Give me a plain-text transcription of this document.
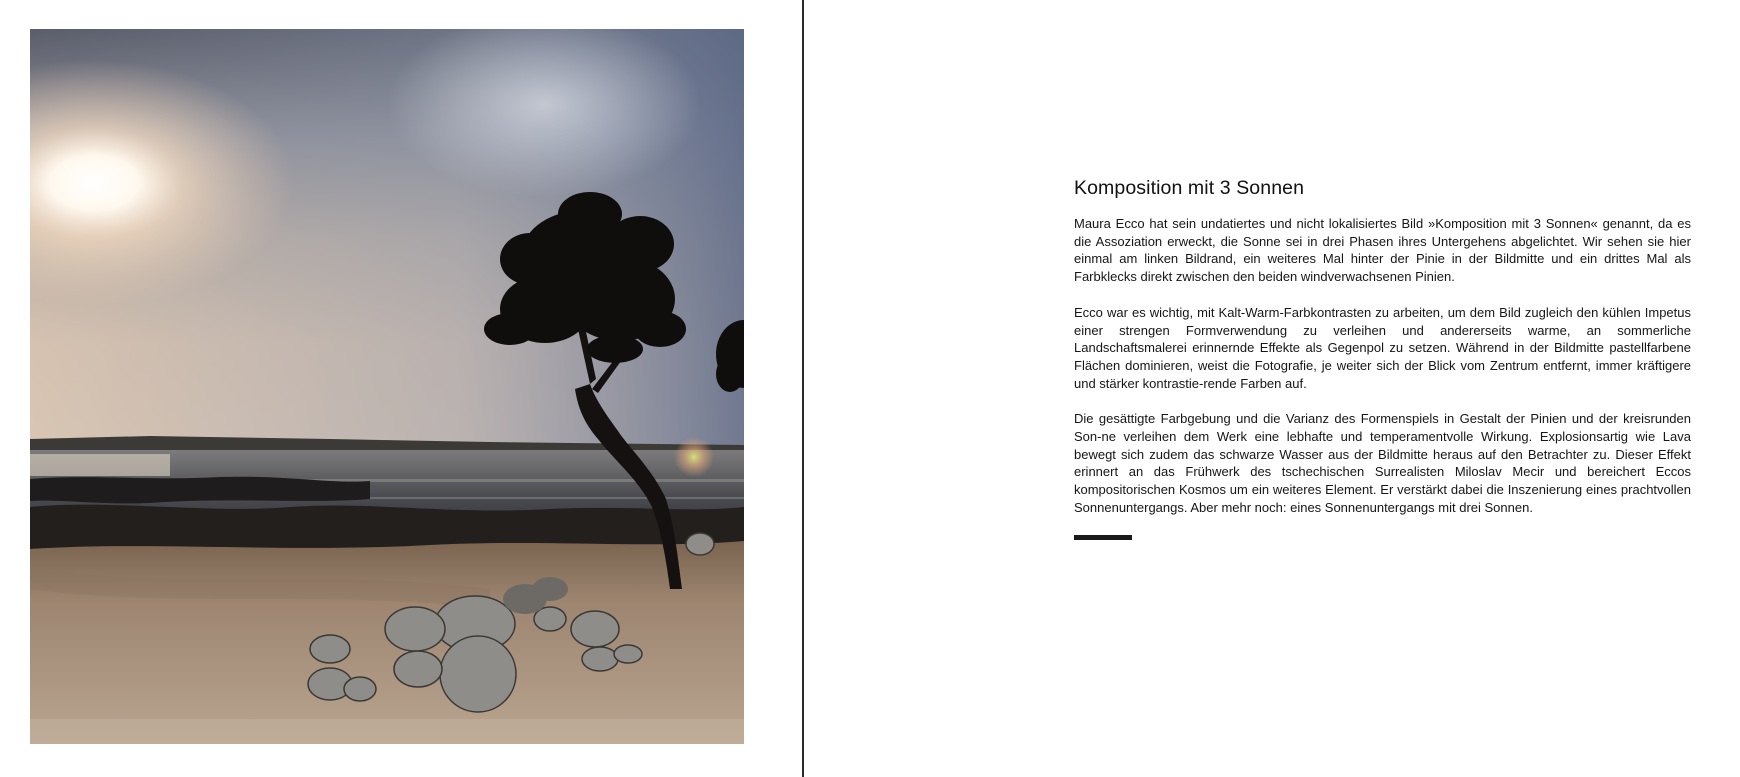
Komposition mit 3 Sonnen

Maura Ecco hat sein undatiertes und nicht lokalisiertes Bild »Komposition mit 3 Sonnen« genannt, da es die Assoziation erweckt, die Sonne sei in drei Phasen ihres Untergehens abgelichtet. Wir sehen sie hier einmal am linken Bildrand, ein weiteres Mal hinter der Pinie in der Bildmitte und ein drittes Mal als Farbklecks direkt zwischen den beiden windverwachsenen Pinien.

Ecco war es wichtig, mit Kalt-Warm-Farbkontrasten zu arbeiten, um dem Bild zugleich den kühlen Impetus einer strengen Formverwendung zu verleihen und andererseits warme, an sommerliche Landschaftsmalerei erinnernde Effekte als Gegenpol zu setzen. Während in der Bildmitte pastellfarbene Flächen dominieren, weist die Fotografie, je weiter sich der Blick vom Zentrum entfernt, immer kräftigere und stärker kontrastie-rende Farben auf.

Die gesättigte Farbgebung und die Varianz des Formenspiels in Gestalt der Pinien und der kreisrunden Son-ne verleihen dem Werk eine lebhafte und temperamentvolle Wirkung. Explosionsartig wie Lava bewegt sich zudem das schwarze Wasser aus der Bildmitte heraus auf den Betrachter zu. Dieser Effekt erinnert an das Frühwerk des tschechischen Surrealisten Miloslav Mecir und bereichert Eccos kompositorischen Kosmos um ein weiteres Element. Er verstärkt dabei die Inszenierung eines prachtvollen Sonnenuntergangs. Aber mehr noch: eines Sonnenuntergangs mit drei Sonnen.
